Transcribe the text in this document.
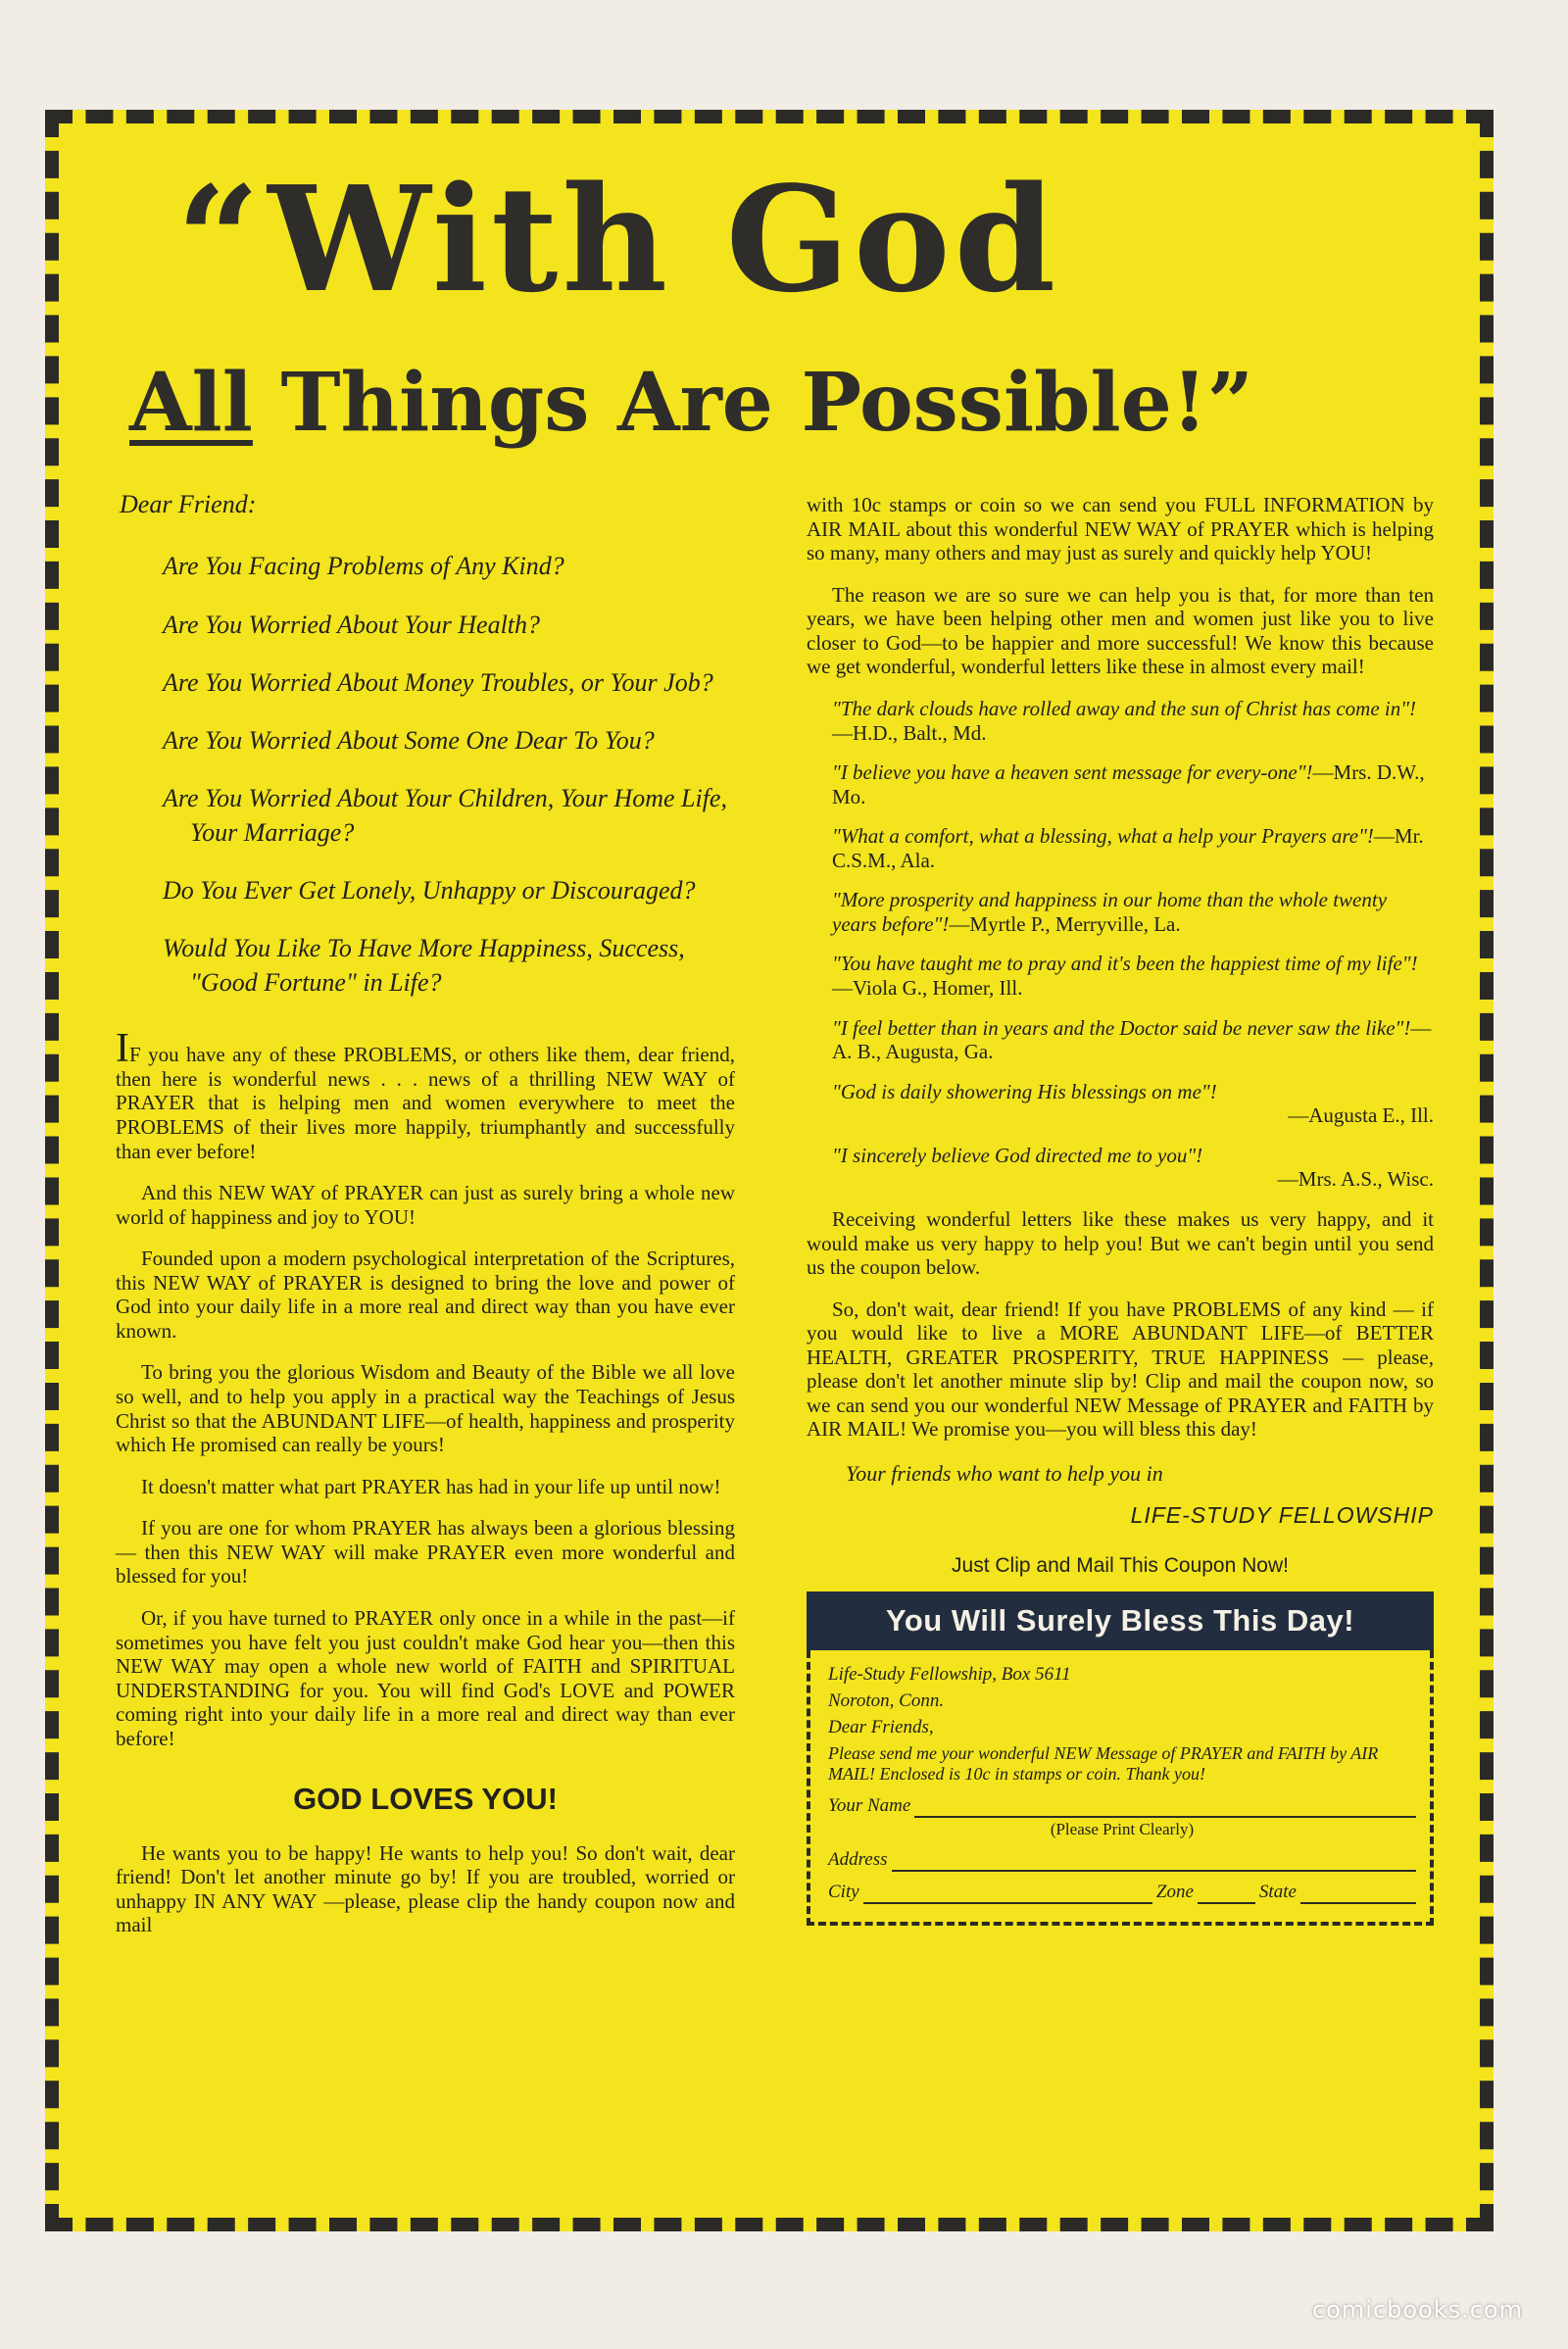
“With God
All Things Are Possible!”
Dear Friend:
Are You Facing Problems of Any Kind?
Are You Worried About Your Health?
Are You Worried About Money Troubles, or Your Job?
Are You Worried About Some One Dear To You?
Are You Worried About Your Children, Your Home Life, Your Marriage?
Do You Ever Get Lonely, Unhappy or Discouraged?
Would You Like To Have More Happiness, Success, "Good Fortune" in Life?
IF you have any of these PROBLEMS, or others like them, dear friend, then here is wonderful news . . . news of a thrilling NEW WAY of PRAYER that is helping men and women everywhere to meet the PROBLEMS of their lives more happily, triumphantly and successfully than ever before!
And this NEW WAY of PRAYER can just as surely bring a whole new world of happiness and joy to YOU!
Founded upon a modern psychological interpretation of the Scriptures, this NEW WAY of PRAYER is designed to bring the love and power of God into your daily life in a more real and direct way than you have ever known.
To bring you the glorious Wisdom and Beauty of the Bible we all love so well, and to help you apply in a practical way the Teachings of Jesus Christ so that the ABUNDANT LIFE—of health, happiness and prosperity which He promised can really be yours!
It doesn't matter what part PRAYER has had in your life up until now!
If you are one for whom PRAYER has always been a glorious blessing — then this NEW WAY will make PRAYER even more wonderful and blessed for you!
Or, if you have turned to PRAYER only once in a while in the past—if sometimes you have felt you just couldn't make God hear you—then this NEW WAY may open a whole new world of FAITH and SPIRITUAL UNDERSTANDING for you. You will find God's LOVE and POWER coming right into your daily life in a more real and direct way than ever before!
GOD LOVES YOU!
He wants you to be happy! He wants to help you! So don't wait, dear friend! Don't let another minute go by! If you are troubled, worried or unhappy IN ANY WAY —please, please clip the handy coupon now and mail
with 10c stamps or coin so we can send you FULL INFORMATION by AIR MAIL about this wonderful NEW WAY of PRAYER which is helping so many, many others and may just as surely and quickly help YOU!
The reason we are so sure we can help you is that, for more than ten years, we have been helping other men and women just like you to live closer to God—to be happier and more successful! We know this because we get wonderful, wonderful letters like these in almost every mail!
"The dark clouds have rolled away and the sun of Christ has come in"!—H.D., Balt., Md.
"I believe you have a heaven sent message for every-one"!—Mrs. D.W., Mo.
"What a comfort, what a blessing, what a help your Prayers are"!—Mr. C.S.M., Ala.
"More prosperity and happiness in our home than the whole twenty years before"!—Myrtle P., Merryville, La.
"You have taught me to pray and it's been the happiest time of my life"!—Viola G., Homer, Ill.
"I feel better than in years and the Doctor said be never saw the like"!—A. B., Augusta, Ga.
"God is daily showering His blessings on me"!
—Augusta E., Ill.
"I sincerely believe God directed me to you"!
—Mrs. A.S., Wisc.
Receiving wonderful letters like these makes us very happy, and it would make us very happy to help you! But we can't begin until you send us the coupon below.
So, don't wait, dear friend! If you have PROBLEMS of any kind — if you would like to live a MORE ABUNDANT LIFE—of BETTER HEALTH, GREATER PROSPERITY, TRUE HAPPINESS — please, please don't let another minute slip by! Clip and mail the coupon now, so we can send you our wonderful NEW Message of PRAYER and FAITH by AIR MAIL! We promise you—you will bless this day!
Your friends who want to help you in
LIFE-STUDY FELLOWSHIP
Just Clip and Mail This Coupon Now!
You Will Surely Bless This Day!
Life-Study Fellowship, Box 5611
Noroton, Conn.
Dear Friends,
Please send me your wonderful NEW Message of PRAYER and FAITH by AIR MAIL! Enclosed is 10c in stamps or coin. Thank you!
Your Name
(Please Print Clearly)
Address
City	Zone	State
comicbooks.com
